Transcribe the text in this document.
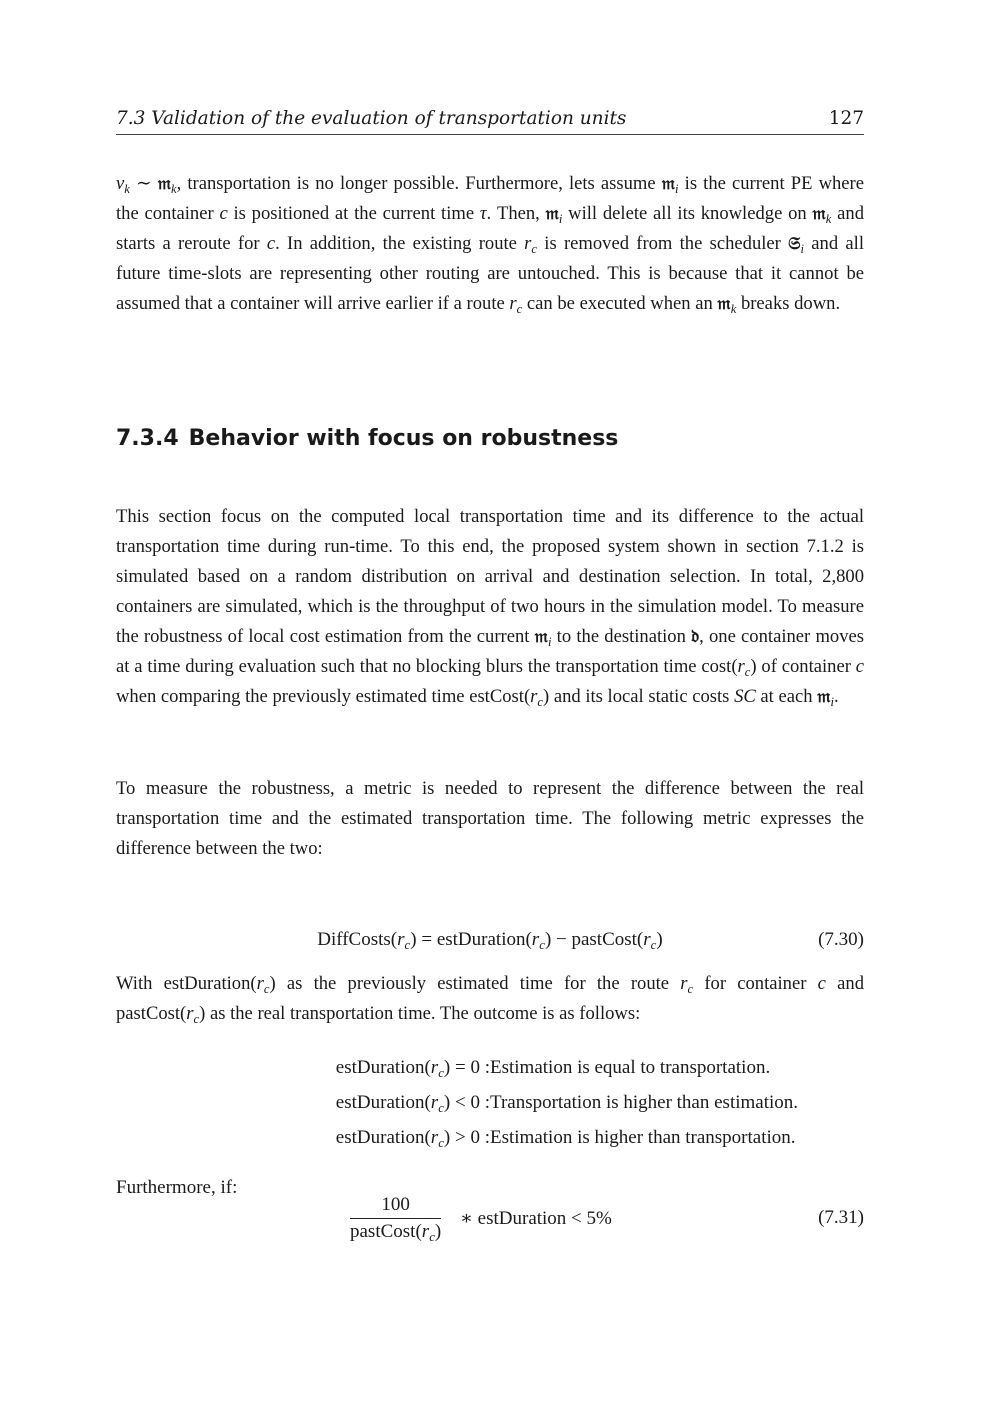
7.3 Validation of the evaluation of transportation units	127

$v_k$ ∼ 𝔪$_k$, transportation is no longer possible. Furthermore, lets assume 𝔪$_i$ is the current PE where the container c is positioned at the current time τ. Then, 𝔪$_i$ will delete all its knowledge on 𝔪$_k$ and starts a reroute for c. In addition, the existing route $r_c$ is removed from the scheduler 𝔖$_i$ and all future time-slots are representing other routing are untouched. This is because that it cannot be assumed that a container will arrive earlier if a route $r_c$ can be executed when an 𝔪$_k$ breaks down.

7.3.4 Behavior with focus on robustness

This section focus on the computed local transportation time and its difference to the actual transportation time during run-time. To this end, the proposed system shown in section 7.1.2 is simulated based on a random distribution on arrival and destination selection. In total, 2,800 containers are simulated, which is the throughput of two hours in the simulation model. To measure the robustness of local cost estimation from the current 𝔪$_i$ to the destination 𝔡, one container moves at a time during evaluation such that no blocking blurs the transportation time $\cos t(r_c)$ of container c when comparing the previously estimated time $estCost(r_c)$ and its local static costs SC at each 𝔪$_i$.

To measure the robustness, a metric is needed to represent the difference between the real transportation time and the estimated transportation time. The following metric expresses the difference between the two:

$DiffCosts(r_c)$ = $estDuration(r_c)$ − $pastCost(r_c)$	(7.30)

With $estDuration(r_c)$ as the previously estimated time for the route $r_c$ for container c and $pastCost(r_c)$ as the real transportation time. The outcome is as follows:

$estDuration(r_c) = 0$ : Estimation is equal to transportation.
$estDuration(r_c) < 0$ : Transportation is higher than estimation.
$estDuration(r_c) > 0$ : Estimation is higher than transportation.
Furthermore, if:
100
$pastCost(r_c)$
∗ estDuration < 5%	(7.31)
